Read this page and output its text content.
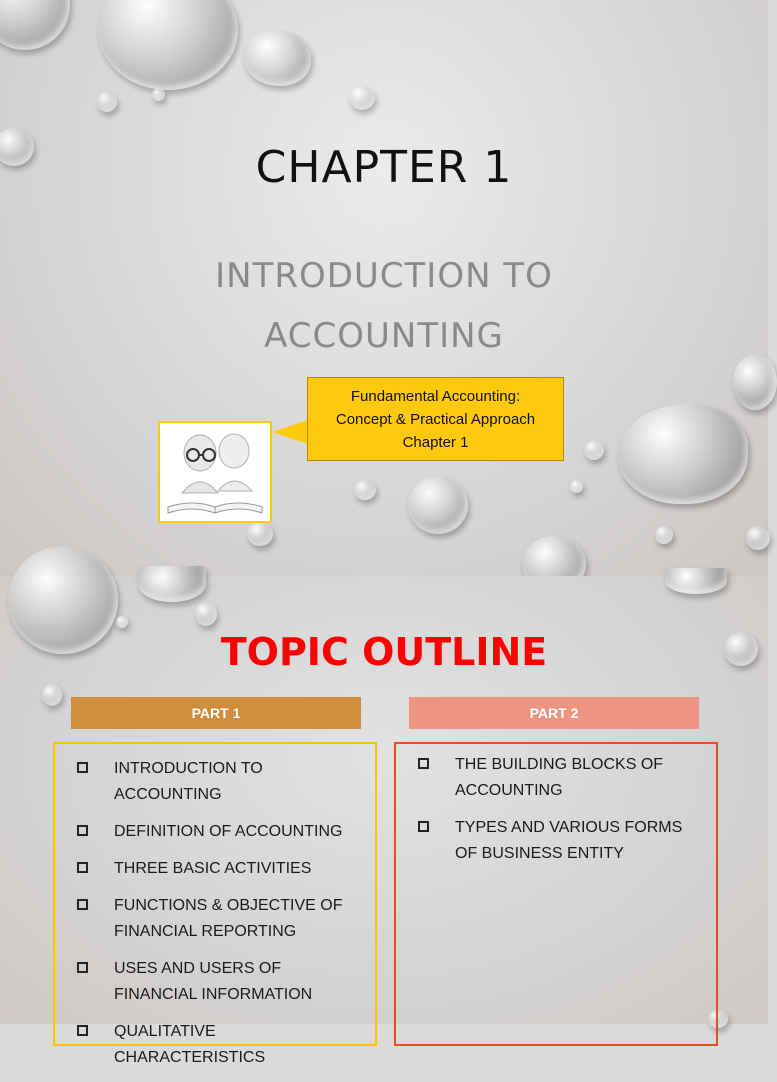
CHAPTER 1
INTRODUCTION TO
ACCOUNTING
Fundamental Accounting:
Concept & Practical Approach
Chapter 1
TOPIC OUTLINE
PART 1	PART 2
INTRODUCTION TO ACCOUNTING
DEFINITION OF ACCOUNTING
THREE BASIC ACTIVITIES
FUNCTIONS & OBJECTIVE OF FINANCIAL REPORTING
USES AND USERS OF FINANCIAL INFORMATION
QUALITATIVE CHARACTERISTICS
THE BUILDING BLOCKS OF ACCOUNTING
TYPES AND VARIOUS FORMS OF BUSINESS ENTITY
